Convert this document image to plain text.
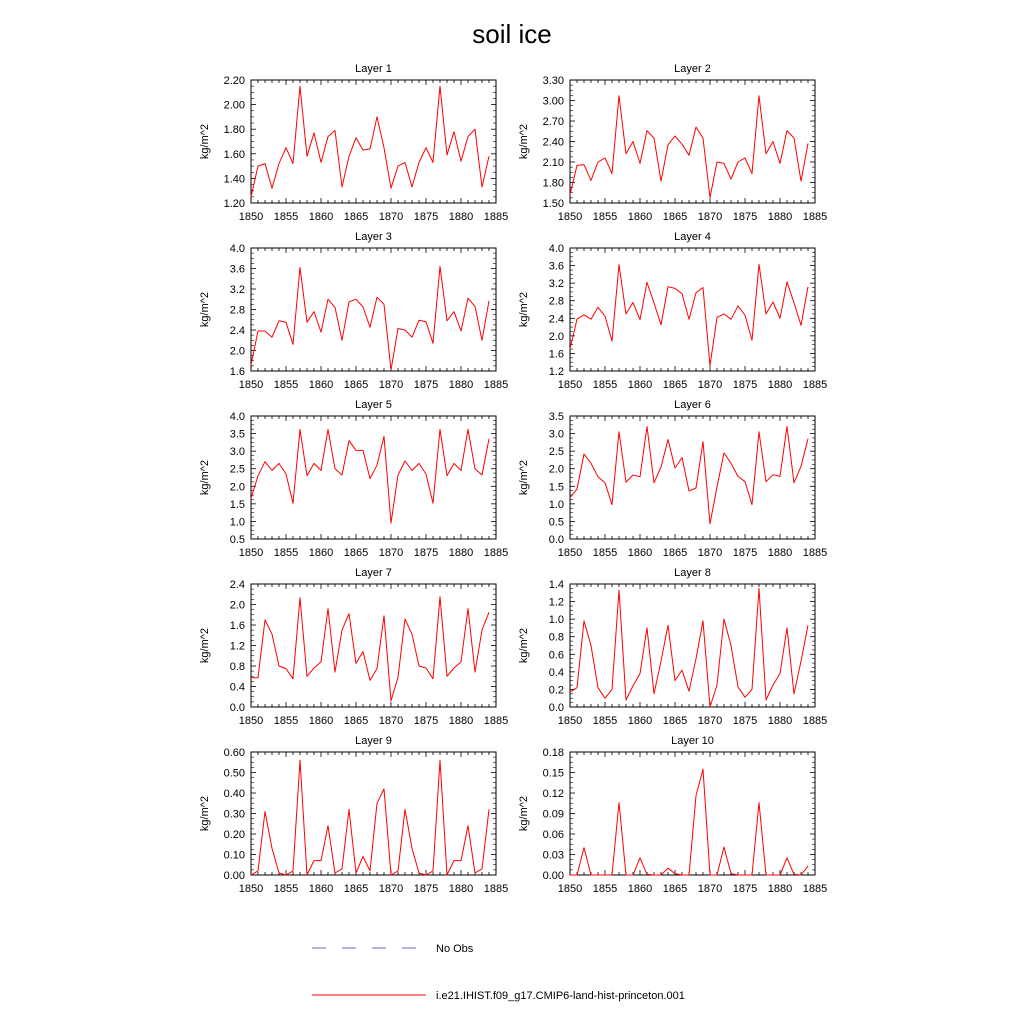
soil ice
Layer 1
1850 1855 1860 1865 1870 1875 1880 1885
1.20
1.40
1.60
1.80
2.00
2.20
kg/m^2
Layer 2
1850 1855 1860 1865 1870 1875 1880 1885
1.50
1.80
2.10
2.40
2.70
3.00
3.30
kg/m^2
Layer 3
1850 1855 1860 1865 1870 1875 1880 1885
1.6
2.0
2.4
2.8
3.2
3.6
4.0
kg/m^2
Layer 4
1850 1855 1860 1865 1870 1875 1880 1885
1.2
1.6
2.0
2.4
2.8
3.2
3.6
4.0
kg/m^2
Layer 5
1850 1855 1860 1865 1870 1875 1880 1885
0.5
1.0
1.5
2.0
2.5
3.0
3.5
4.0
kg/m^2
Layer 6
1850 1855 1860 1865 1870 1875 1880 1885
0.0
0.5
1.0
1.5
2.0
2.5
3.0
3.5
kg/m^2
Layer 7
1850 1855 1860 1865 1870 1875 1880 1885
0.0
0.4
0.8
1.2
1.6
2.0
2.4
kg/m^2
Layer 8
1850 1855 1860 1865 1870 1875 1880 1885
0.0
0.2
0.4
0.6
0.8
1.0
1.2
1.4
kg/m^2
Layer 9
1850 1855 1860 1865 1870 1875 1880 1885
0.00
0.10
0.20
0.30
0.40
0.50
0.60
kg/m^2
Layer 10
1850 1855 1860 1865 1870 1875 1880 1885
0.00
0.03
0.06
0.09
0.12
0.15
0.18
kg/m^2
No Obs
i.e21.IHIST.f09_g17.CMIP6-land-hist-princeton.001
